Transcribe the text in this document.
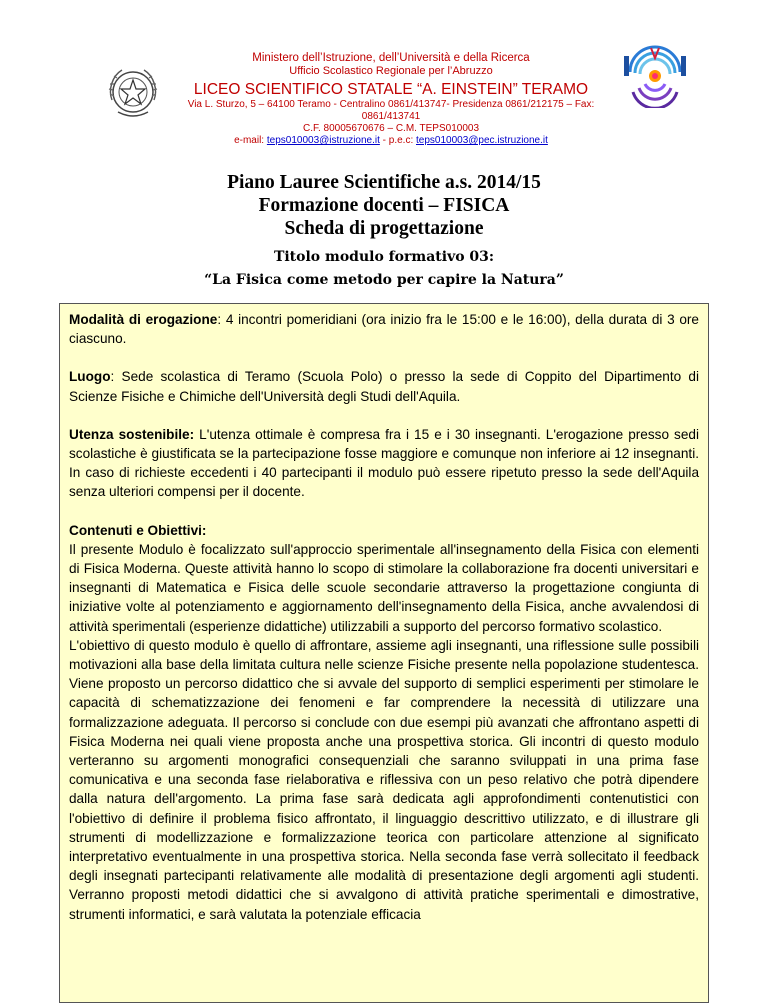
Ministero dell’Istruzione, dell’Università e della Ricerca
Ufficio Scolastico Regionale per l’Abruzzo
LICEO SCIENTIFICO STATALE “A. EINSTEIN” TERAMO
Via L. Sturzo, 5 – 64100 Teramo - Centralino 0861/413747- Presidenza 0861/212175 – Fax: 0861/413741
C.F. 80005670676 – C.M. TEPS010003
e-mail: teps010003@istruzione.it - p.e.c: teps010003@pec.istruzione.it
Piano Lauree Scientifiche a.s. 2014/15
Formazione docenti – FISICA
Scheda di progettazione
Titolo modulo formativo 03:
“La Fisica come metodo per capire la Natura”

Modalità di erogazione: 4 incontri pomeridiani (ora inizio fra le 15:00 e le 16:00), della durata di 3 ore ciascuno.

Luogo: Sede scolastica di Teramo (Scuola Polo) o presso la sede di Coppito del Dipartimento di Scienze Fisiche e Chimiche dell'Università degli Studi dell'Aquila.

Utenza sostenibile: L'utenza ottimale è compresa fra i 15 e i 30 insegnanti. L'erogazione presso sedi scolastiche è giustificata se la partecipazione fosse maggiore e comunque non inferiore ai 12 insegnanti. In caso di richieste eccedenti i 40 partecipanti il modulo può essere ripetuto presso la sede dell'Aquila senza ulteriori compensi per il docente.

Contenuti e Obiettivi:

Il presente Modulo è focalizzato sull'approccio sperimentale all'insegnamento della Fisica con elementi di Fisica Moderna. Queste attività hanno lo scopo di stimolare la collaborazione fra docenti universitari e insegnanti di Matematica e Fisica delle scuole secondarie attraverso la progettazione congiunta di iniziative volte al potenziamento e aggiornamento dell'insegnamento della Fisica, anche avvalendosi di attività sperimentali (esperienze didattiche) utilizzabili a supporto del percorso formativo scolastico.

L'obiettivo di questo modulo è quello di affrontare, assieme agli insegnanti, una riflessione sulle possibili motivazioni alla base della limitata cultura nelle scienze Fisiche presente nella popolazione studentesca. Viene proposto un percorso didattico che si avvale del supporto di semplici esperimenti per stimolare le capacità di schematizzazione dei fenomeni e far comprendere la necessità di utilizzare una formalizzazione adeguata. Il percorso si conclude con due esempi più avanzati che affrontano aspetti di Fisica Moderna nei quali viene proposta anche una prospettiva storica. Gli incontri di questo modulo verteranno su argomenti monografici consequenziali che saranno sviluppati in una prima fase comunicativa e una seconda fase rielaborativa e riflessiva con un peso relativo che potrà dipendere dalla natura dell'argomento. La prima fase sarà dedicata agli approfondimenti contenutistici con l'obiettivo di definire il problema fisico affrontato, il linguaggio descrittivo utilizzato, e di illustrare gli strumenti di modellizzazione e formalizzazione teorica con particolare attenzione al significato interpretativo eventualmente in una prospettiva storica. Nella seconda fase verrà sollecitato il feedback degli insegnati partecipanti relativamente alle modalità di presentazione degli argomenti agli studenti. Verranno proposti metodi didattici che si avvalgono di attività pratiche sperimentali e dimostrative, strumenti informatici, e sarà valutata la potenziale efficacia
